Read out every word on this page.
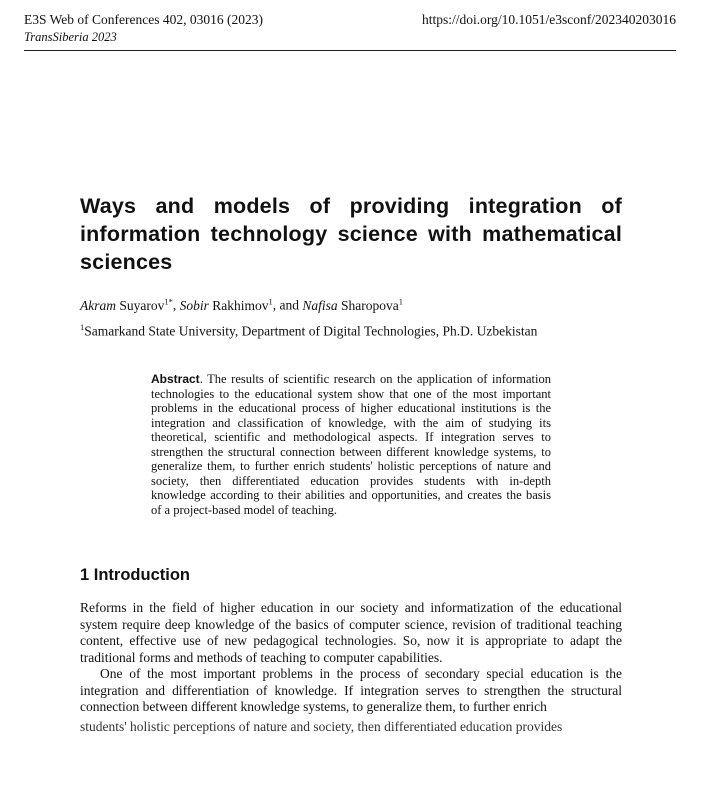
E3S Web of Conferences 402, 03016 (2023)
TransSiberia 2023
https://doi.org/10.1051/e3sconf/202340203016
Ways and models of providing integration of information technology science with mathematical sciences
Akram Suyarov$^{1*}$, Sobir Rakhimov$^1$, and Nafisa Sharopova$^1$
$^1$Samarkand State University, Department of Digital Technologies, Ph.D. Uzbekistan

Abstract. The results of scientific research on the application of information technologies to the educational system show that one of the most important problems in the educational process of higher educational institutions is the integration and classification of knowledge, with the aim of studying its theoretical, scientific and methodological aspects. If integration serves to strengthen the structural connection between different knowledge systems, to generalize them, to further enrich students' holistic perceptions of nature and society, then differentiated education provides students with in-depth knowledge according to their abilities and opportunities, and creates the basis of a project-based model of teaching.

1 Introduction

Reforms in the field of higher education in our society and informatization of the educational system require deep knowledge of the basics of computer science, revision of traditional teaching content, effective use of new pedagogical technologies. So, now it is appropriate to adapt the traditional forms and methods of teaching to computer capabilities.

One of the most important problems in the process of secondary special education is the integration and differentiation of knowledge. If integration serves to strengthen the structural connection between different knowledge systems, to generalize them, to further enrich

students' holistic perceptions of nature and society, then differentiated education provides
